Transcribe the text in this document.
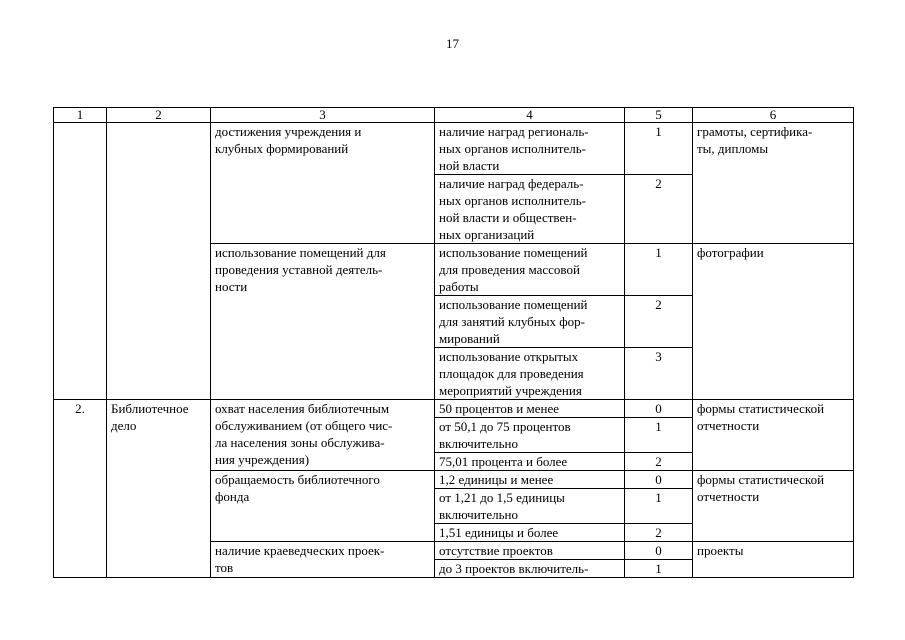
17
1	2	3	4	5	6
		достижения учреждения и
клубных формирований	наличие наград региональ-
ных органов исполнитель-
ной власти	1	грамоты, сертифика-
ты, дипломы
			наличие наград федераль-
ных органов исполнитель-
ной власти и обществен-
ных организаций	2	
		использование помещений для
проведения уставной деятель-
ности	использование помещений
для проведения массовой
работы	1	фотографии
			использование помещений
для занятий клубных фор-
мирований	2	
			использование открытых
площадок для проведения
мероприятий учреждения	3	
2.	Библиотечное
дело	охват населения библиотечным
обслуживанием (от общего чис-
ла населения зоны обслужива-
ния учреждения)	50 процентов и менее	0	формы статистической
отчетности
			от 50,1 до 75 процентов
включительно	1	
			75,01 процента и более	2	
		обращаемость библиотечного
фонда	1,2 единицы и менее	0	формы статистической
отчетности
			от 1,21 до 1,5 единицы
включительно	1	
			1,51 единицы и более	2	
		наличие краеведческих проек-
тов	отсутствие проектов	0	проекты
			до 3 проектов включитель-	1	
